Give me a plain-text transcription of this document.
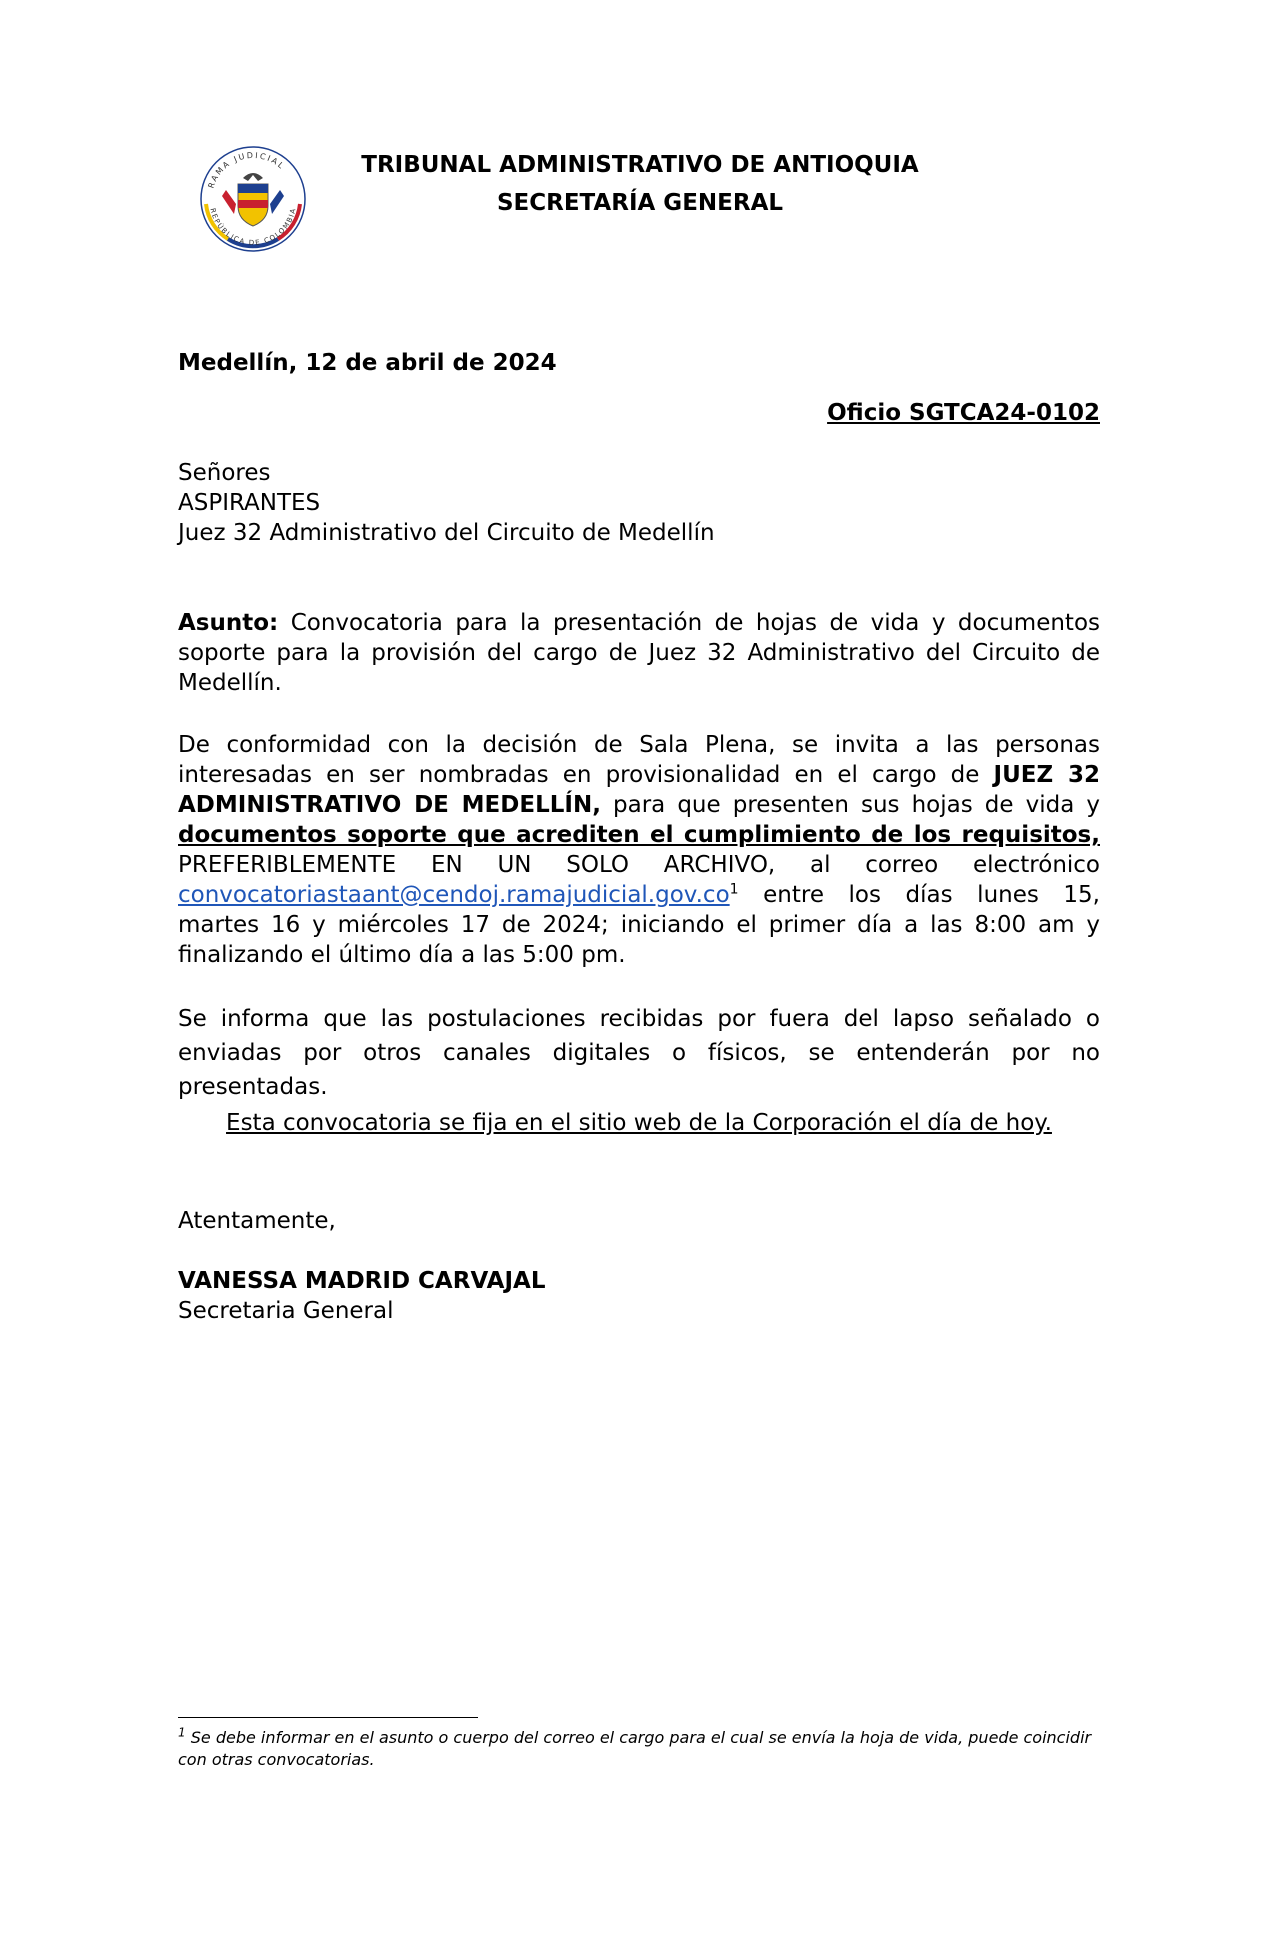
RAMA JUDICIAL
REPÚBLICA DE COLOMBIA
TRIBUNAL ADMINISTRATIVO DE ANTIOQUIA
SECRETARÍA GENERAL
Medellín, 12 de abril de 2024
Oficio SGTCA24-0102
Señores
ASPIRANTES
Juez 32 Administrativo del Circuito de Medellín
Asunto: Convocatoria para la presentación de hojas de vida y documentos soporte para la provisión del cargo de Juez 32 Administrativo del Circuito de Medellín.
De conformidad con la decisión de Sala Plena, se invita a las personas interesadas en ser nombradas en provisionalidad en el cargo de JUEZ 32 ADMINISTRATIVO DE MEDELLÍN, para que presenten sus hojas de vida y documentos soporte que acrediten el cumplimiento de los requisitos, PREFERIBLEMENTE EN UN SOLO ARCHIVO, al correo electrónico $convocatoriastaant@cendoj.ramajudicial.gov.co^1$ entre los días lunes 15, martes 16 y miércoles 17 de 2024; iniciando el primer día a las 8:00 am y finalizando el último día a las 5:00 pm.
Se informa que las postulaciones recibidas por fuera del lapso señalado o enviadas por otros canales digitales o físicos, se entenderán por no presentadas.
Esta convocatoria se fija en el sitio web de la Corporación el día de hoy.
Atentamente,
VANESSA MADRID CARVAJAL
Secretaria General
$^1$ Se debe informar en el asunto o cuerpo del correo el cargo para el cual se envía la hoja de vida, puede coincidir con otras convocatorias.
